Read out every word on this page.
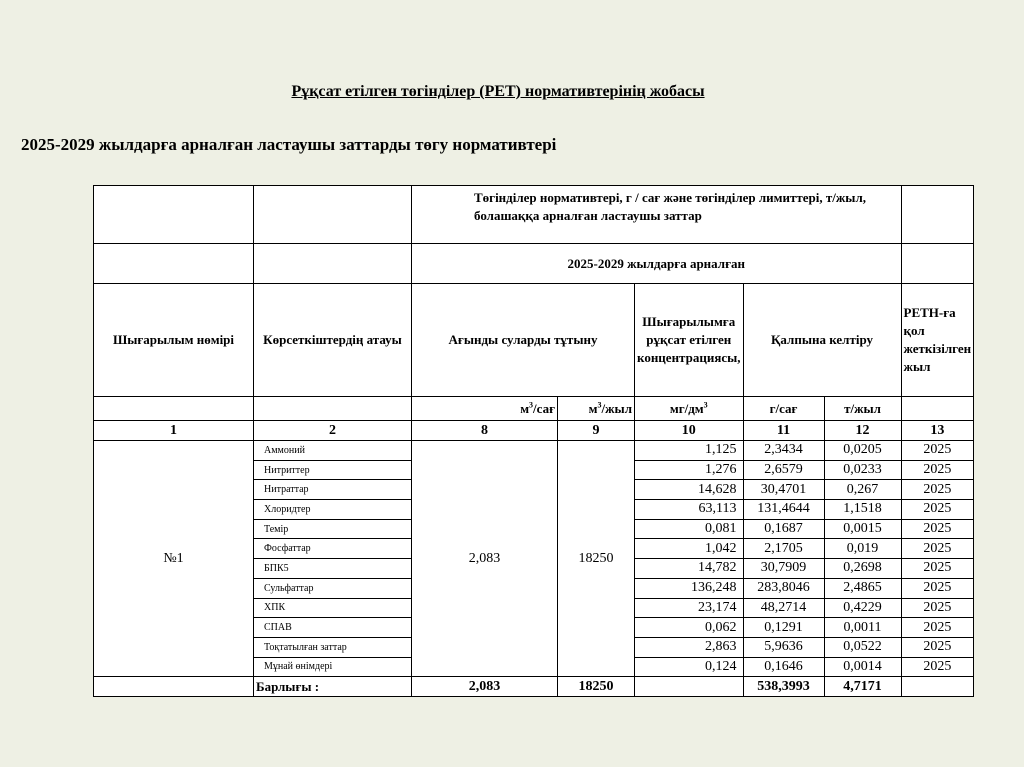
Рұқсат етілген төгінділер (РЕТ) нормативтерінің жобасы
2025-2029 жылдарға арналған ластаушы заттарды төгу нормативтері
		Төгінділер нормативтері, г / сағ және төгінділер лимиттері, т/жыл, болашаққа арналған ластаушы заттар					
		2025-2029 жылдарға арналған					
Шығарылым нөмірі	Көрсеткіштердің атауы	Ағынды суларды тұтыну		Шығарылымға рұқсат етілген концентрациясы,	Қалпына келтіру		РЕТН-ға қол жеткізілген жыл
		$м^3$/сағ	$м^3$/жыл	$мг/дм^3$	г/сағ	т/жыл	
1	2	8	9	10	11	12	13
№1	Аммоний	2,083	18250	1,125	2,3434	0,0205	2025
	Нитриттер			1,276	2,6579	0,0233	2025
	Нитраттар			14,628	30,4701	0,267	2025
	Хлоридтер			63,113	131,4644	1,1518	2025
	Темір			0,081	0,1687	0,0015	2025
	Фосфаттар			1,042	2,1705	0,019	2025
	БПК5			14,782	30,7909	0,2698	2025
	Сульфаттар			136,248	283,8046	2,4865	2025
	ХПК			23,174	48,2714	0,4229	2025
	СПАВ			0,062	0,1291	0,0011	2025
	Тоқтатылған заттар			2,863	5,9636	0,0522	2025
	Мұнай өнімдері			0,124	0,1646	0,0014	2025
	Барлығы :	2,083	18250		538,3993	4,7171	
